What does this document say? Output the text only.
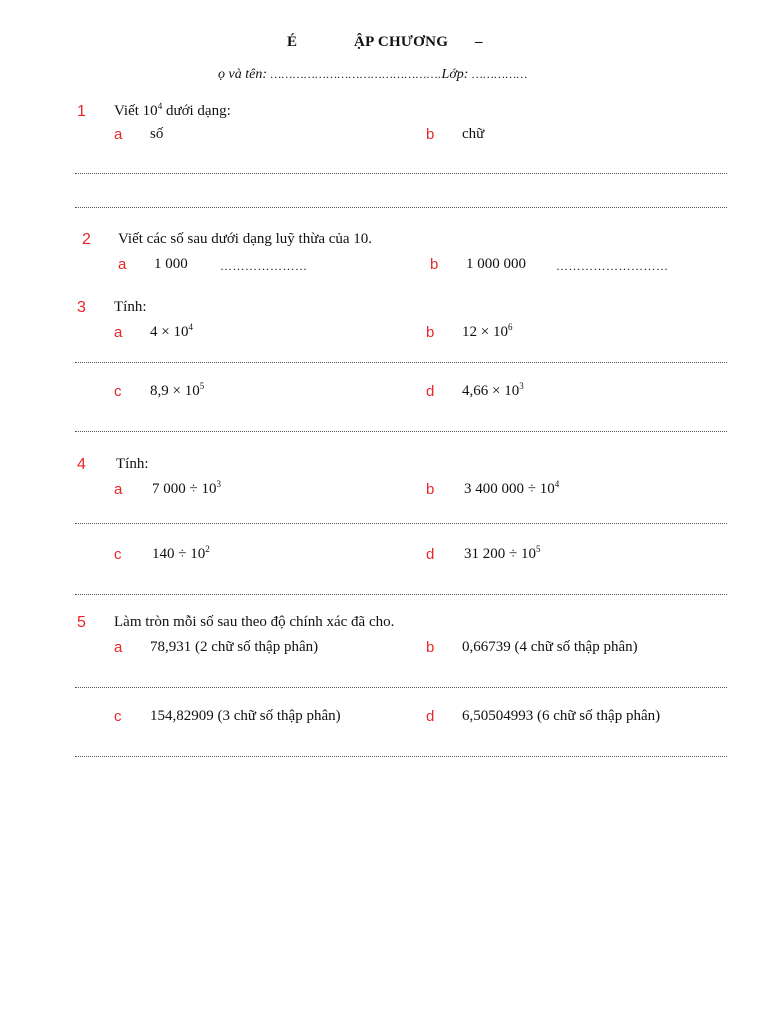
É	ẬP CHƯƠNG –
ọ và tên: ……………………………………….Lớp: ……………
1 Viết $10^4$ dưới dạng:
a số	b chữ
2 Viết các số sau dưới dạng luỹ thừa của 10.
a 1 000	…………………	b 1 000 000	………………………
3 Tính:
a $4 \times 10^4$	b $12 \times 10^6$
c $8,9 \times 10^5$	d $4,66 \times 10^3$
4 Tính:
a 7 $000 \div 10^3$	b 3 400 $000 \div 10^4$
c $140 \div 10^2$	d 31 $200 \div 10^5$
5 Làm tròn mỗi số sau theo độ chính xác đã cho.
a 78,931 (2 chữ số thập phân)	b 0,66739 (4 chữ số thập phân)
c 154,82909 (3 chữ số thập phân)	d 6,50504993 (6 chữ số thập phân)
